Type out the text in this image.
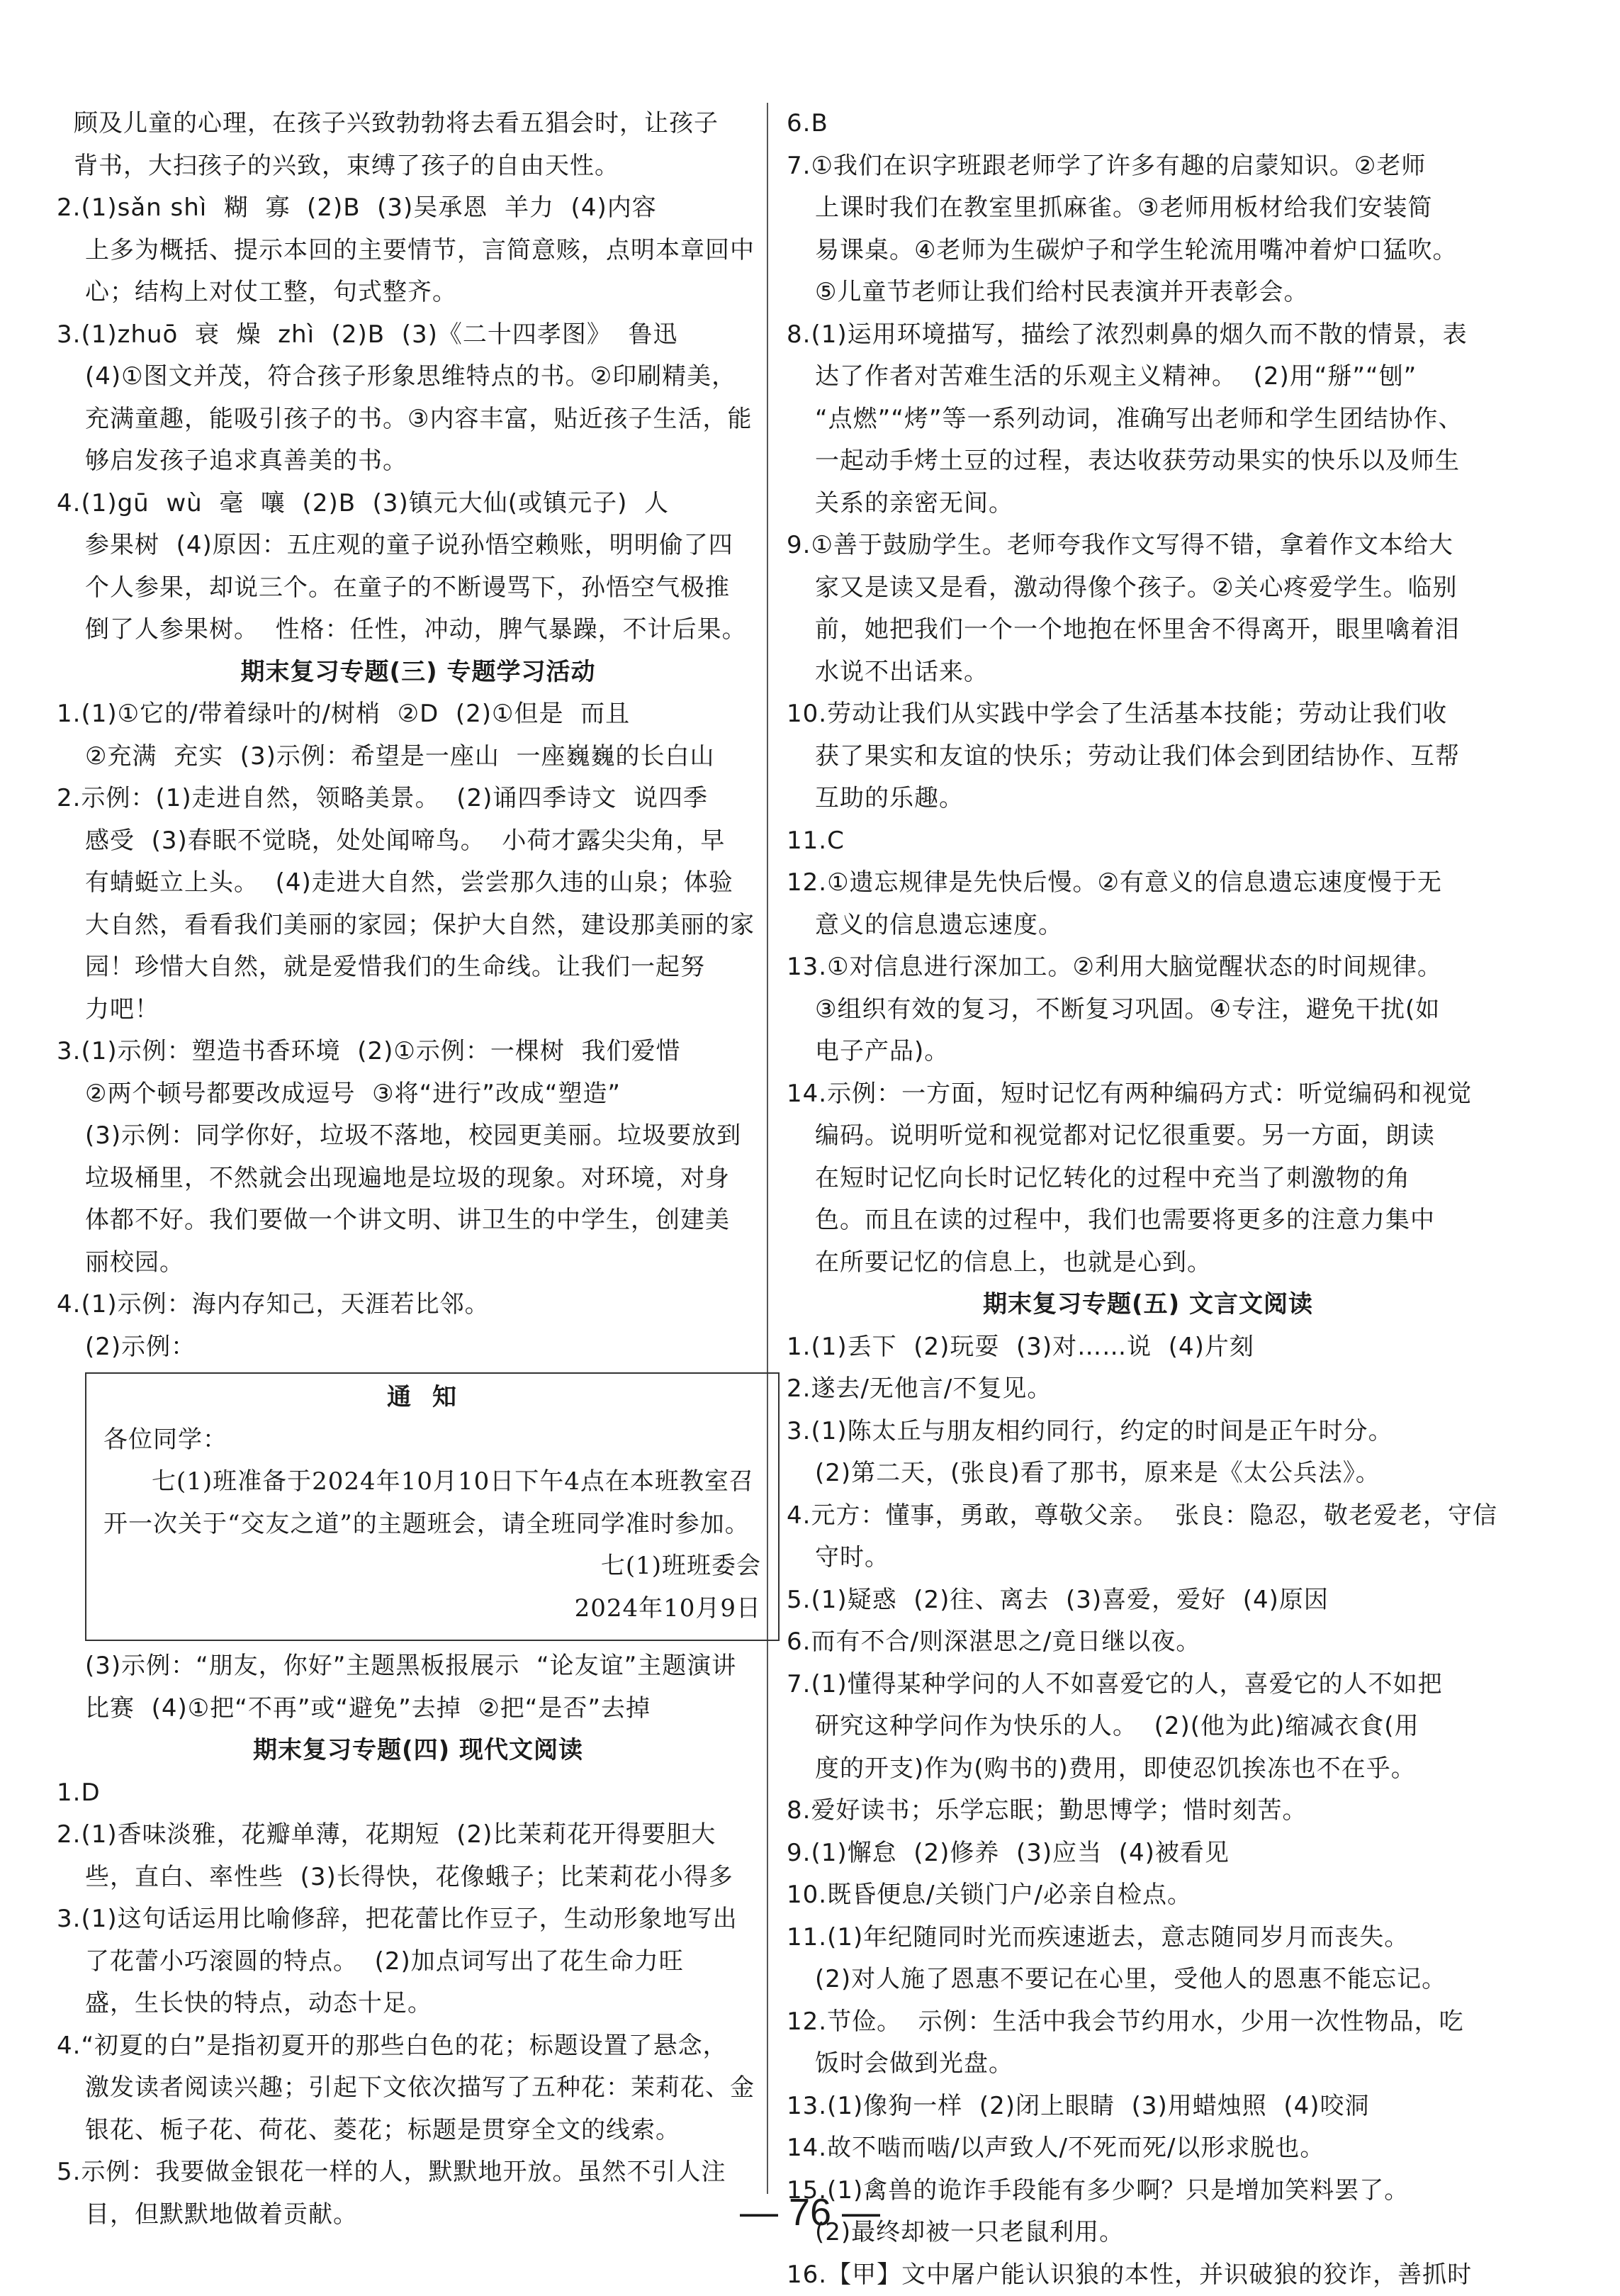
顾及儿童的心理，在孩子兴致勃勃将去看五猖会时，让孩子

背书，大扫孩子的兴致，束缚了孩子的自由天性。

2.(1)sǎn shì  糊  寡  (2)B  (3)吴承恩  羊力  (4)内容

上多为概括、提示本回的主要情节，言简意赅，点明本章回中

心；结构上对仗工整，句式整齐。

3.(1)zhuō  衰  燥  zhì  (2)B  (3)《二十四孝图》  鲁迅

(4)①图文并茂，符合孩子形象思维特点的书。②印刷精美，

充满童趣，能吸引孩子的书。③内容丰富，贴近孩子生活，能

够启发孩子追求真善美的书。

4.(1)gū  wù  毫  嚷  (2)B  (3)镇元大仙(或镇元子)  人

参果树  (4)原因：五庄观的童子说孙悟空赖账，明明偷了四

个人参果，却说三个。在童子的不断谩骂下，孙悟空气极推

倒了人参果树。  性格：任性，冲动，脾气暴躁，不计后果。

期末复习专题(三) 专题学习活动

1.(1)①它的/带着绿叶的/树梢  ②D  (2)①但是  而且

②充满  充实  (3)示例：希望是一座山  一座巍巍的长白山

2.示例：(1)走进自然，领略美景。  (2)诵四季诗文  说四季

感受  (3)春眠不觉晓，处处闻啼鸟。  小荷才露尖尖角，早

有蜻蜓立上头。  (4)走进大自然，尝尝那久违的山泉；体验

大自然，看看我们美丽的家园；保护大自然，建设那美丽的家

园！珍惜大自然，就是爱惜我们的生命线。让我们一起努

力吧！

3.(1)示例：塑造书香环境  (2)①示例：一棵树  我们爱惜

②两个顿号都要改成逗号  ③将“进行”改成“塑造”

(3)示例：同学你好，垃圾不落地，校园更美丽。垃圾要放到

垃圾桶里，不然就会出现遍地是垃圾的现象。对环境，对身

体都不好。我们要做一个讲文明、讲卫生的中学生，创建美

丽校园。

4.(1)示例：海内存知己，天涯若比邻。

(2)示例：

通知

各位同学：

七(1)班准备于2024年10月10日下午4点在本班教室召开一次关于“交友之道”的主题班会，请全班同学准时参加。

七(1)班班委会

2024年10月9日

(3)示例：“朋友，你好”主题黑板报展示  “论友谊”主题演讲

比赛  (4)①把“不再”或“避免”去掉  ②把“是否”去掉

期末复习专题(四) 现代文阅读

1.D

2.(1)香味淡雅，花瓣单薄，花期短  (2)比茉莉花开得要胆大

些，直白、率性些  (3)长得快，花像蛾子；比茉莉花小得多

3.(1)这句话运用比喻修辞，把花蕾比作豆子，生动形象地写出

了花蕾小巧滚圆的特点。  (2)加点词写出了花生命力旺

盛，生长快的特点，动态十足。

4.“初夏的白”是指初夏开的那些白色的花；标题设置了悬念，

激发读者阅读兴趣；引起下文依次描写了五种花：茉莉花、金

银花、栀子花、荷花、菱花；标题是贯穿全文的线索。

5.示例：我要做金银花一样的人，默默地开放。虽然不引人注

目，但默默地做着贡献。

6.B

7.①我们在识字班跟老师学了许多有趣的启蒙知识。②老师

上课时我们在教室里抓麻雀。③老师用板材给我们安装简

易课桌。④老师为生碳炉子和学生轮流用嘴冲着炉口猛吹。

⑤儿童节老师让我们给村民表演并开表彰会。

8.(1)运用环境描写，描绘了浓烈刺鼻的烟久而不散的情景，表

达了作者对苦难生活的乐观主义精神。  (2)用“掰”“刨”

“点燃”“烤”等一系列动词，准确写出老师和学生团结协作、

一起动手烤土豆的过程，表达收获劳动果实的快乐以及师生

关系的亲密无间。

9.①善于鼓励学生。老师夸我作文写得不错，拿着作文本给大

家又是读又是看，激动得像个孩子。②关心疼爱学生。临别

前，她把我们一个一个地抱在怀里舍不得离开，眼里噙着泪

水说不出话来。

10.劳动让我们从实践中学会了生活基本技能；劳动让我们收

获了果实和友谊的快乐；劳动让我们体会到团结协作、互帮

互助的乐趣。

11.C

12.①遗忘规律是先快后慢。②有意义的信息遗忘速度慢于无

意义的信息遗忘速度。

13.①对信息进行深加工。②利用大脑觉醒状态的时间规律。

③组织有效的复习，不断复习巩固。④专注，避免干扰(如

电子产品)。

14.示例：一方面，短时记忆有两种编码方式：听觉编码和视觉

编码。说明听觉和视觉都对记忆很重要。另一方面，朗读

在短时记忆向长时记忆转化的过程中充当了刺激物的角

色。而且在读的过程中，我们也需要将更多的注意力集中

在所要记忆的信息上，也就是心到。

期末复习专题(五) 文言文阅读

1.(1)丢下  (2)玩耍  (3)对……说  (4)片刻

2.遂去/无他言/不复见。

3.(1)陈太丘与朋友相约同行，约定的时间是正午时分。

(2)第二天，(张良)看了那书，原来是《太公兵法》。

4.元方：懂事，勇敢，尊敬父亲。  张良：隐忍，敬老爱老，守信

守时。

5.(1)疑惑  (2)往、离去  (3)喜爱，爱好  (4)原因

6.而有不合/则深湛思之/竟日继以夜。

7.(1)懂得某种学问的人不如喜爱它的人，喜爱它的人不如把

研究这种学问作为快乐的人。  (2)(他为此)缩减衣食(用

度的开支)作为(购书的)费用，即使忍饥挨冻也不在乎。

8.爱好读书；乐学忘眠；勤思博学；惜时刻苦。

9.(1)懈怠  (2)修养  (3)应当  (4)被看见

10.既昏便息/关锁门户/必亲自检点。

11.(1)年纪随同时光而疾速逝去，意志随同岁月而丧失。

(2)对人施了恩惠不要记在心里，受他人的恩惠不能忘记。

12.节俭。  示例：生活中我会节约用水，少用一次性物品，吃

饭时会做到光盘。

13.(1)像狗一样  (2)闭上眼睛  (3)用蜡烛照  (4)咬洞

14.故不啮而啮/以声致人/不死而死/以形求脱也。

15.(1)禽兽的诡诈手段能有多少啊？只是增加笑料罢了。

(2)最终却被一只老鼠利用。

16.【甲】文中屠户能认识狼的本性，并识破狼的狡诈，善抓时

— 76 —
